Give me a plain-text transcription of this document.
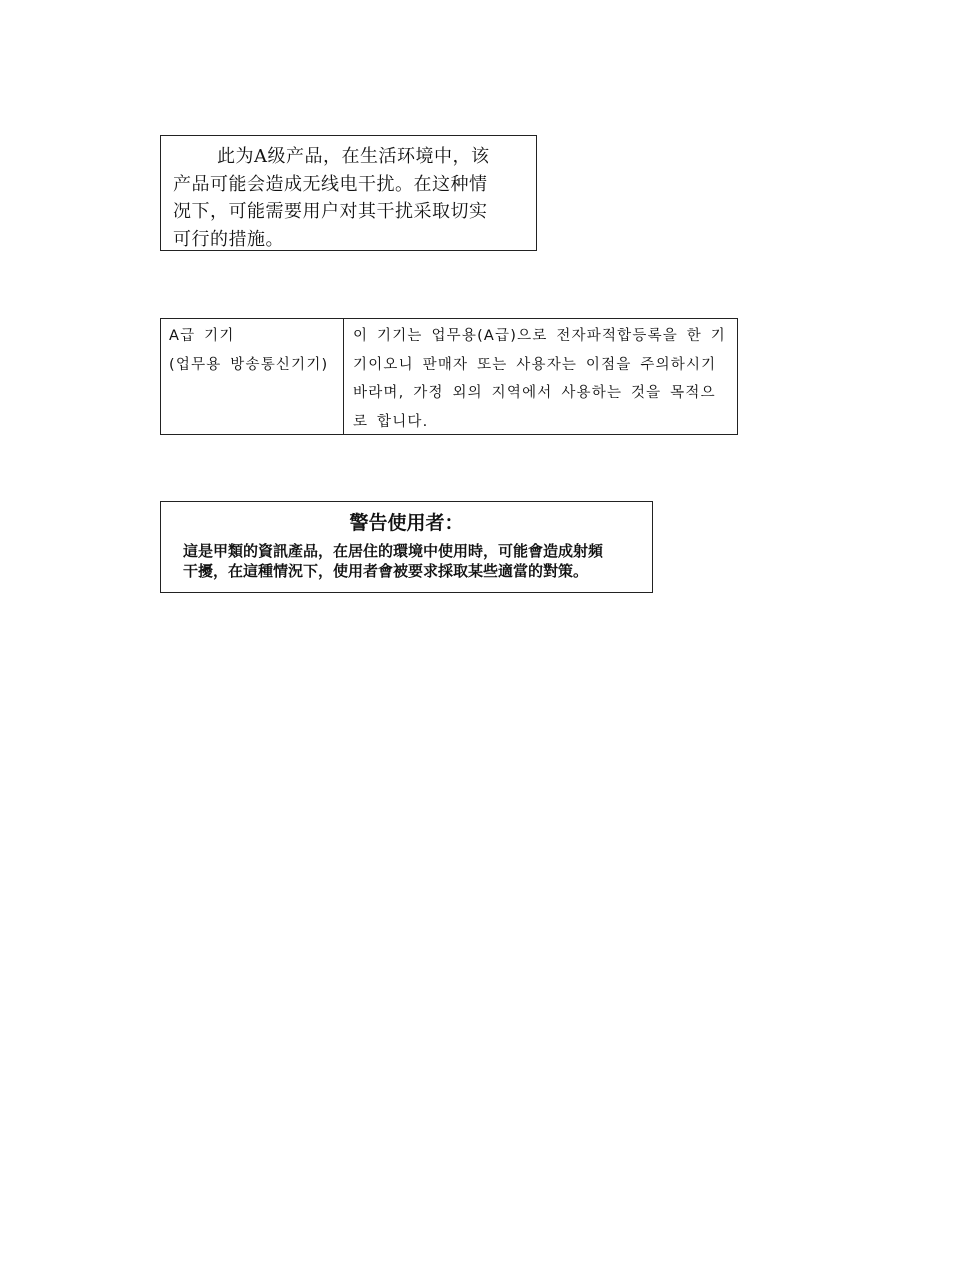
此为A级产品，在生活环境中，该
产品可能会造成无线电干扰。在这种情
况下，可能需要用户对其干扰采取切实
可行的措施。
A급 기기
(업무용 방송통신기기)
이 기기는 업무용(A급)으로 전자파적합등록을 한 기
기이오니 판매자 또는 사용자는 이점을 주의하시기
바라며, 가정 외의 지역에서 사용하는 것을 목적으
로 합니다.
警告使用者：
這是甲類的資訊產品，在居住的環境中使用時，可能會造成射頻
干擾，在這種情況下，使用者會被要求採取某些適當的對策。
